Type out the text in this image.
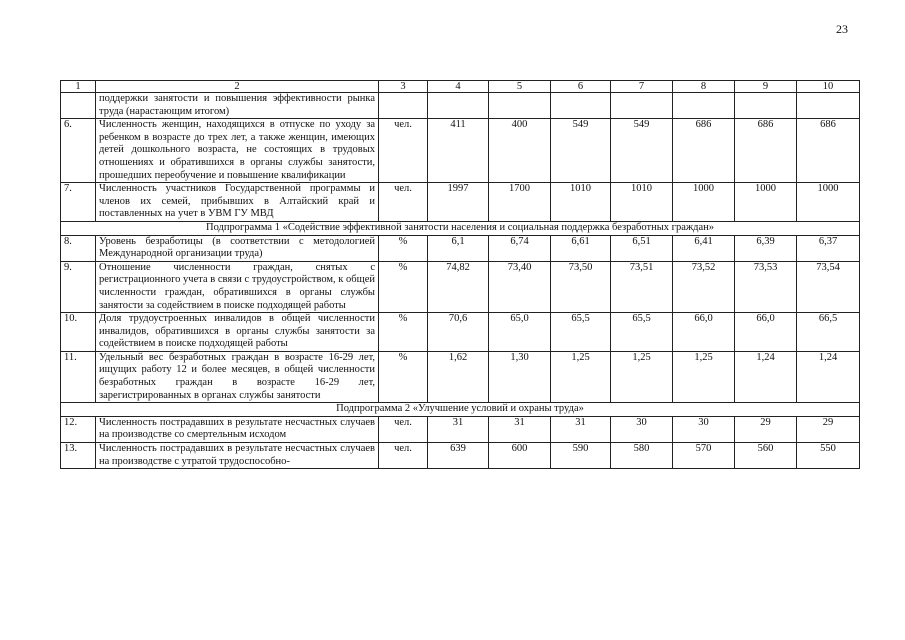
23
1	2	3	4	5	6	7	8	9	10
	поддержки занятости и повышения эффективности рынка труда (нарастающим итогом)								
6.	Численность женщин, находящихся в отпуске по уходу за ребенком в возрасте до трех лет, а также женщин, имеющих детей дошкольного возраста, не состоящих в трудовых отношениях и обратившихся в органы службы занятости, прошедших переобучение и повышение квалификации	чел.	411	400	549	549	686	686	686
7.	Численность участников Государственной программы и членов их семей, прибывших в Алтайский край и поставленных на учет в УВМ ГУ МВД	чел.	1997	1700	1010	1010	1000	1000	1000
Подпрограмма 1 «Содействие эффективной занятости населения и социальная поддержка безработных граждан»									
8.	Уровень безработицы (в соответствии с методологией Международной организации труда)	%	6,1	6,74	6,61	6,51	6,41	6,39	6,37
9.	Отношение численности граждан, снятых с регистрационного учета в связи с трудоустройством, к общей численности граждан, обратившихся в органы службы занятости за содействием в поиске подходящей работы	%	74,82	73,40	73,50	73,51	73,52	73,53	73,54
10.	Доля трудоустроенных инвалидов в общей численности инвалидов, обратившихся в органы службы занятости за содействием в поиске подходящей работы	%	70,6	65,0	65,5	65,5	66,0	66,0	66,5
11.	Удельный вес безработных граждан в возрасте 16-29 лет, ищущих работу 12 и более месяцев, в общей численности безработных граждан в возрасте 16-29 лет, зарегистрированных в органах службы занятости	%	1,62	1,30	1,25	1,25	1,25	1,24	1,24
Подпрограмма 2 «Улучшение условий и охраны труда»									
12.	Численность пострадавших в результате несчастных случаев на производстве со смертельным исходом	чел.	31	31	31	30	30	29	29
13.	Численность пострадавших в результате несчастных случаев на производстве с утратой трудоспособно-	чел.	639	600	590	580	570	560	550
